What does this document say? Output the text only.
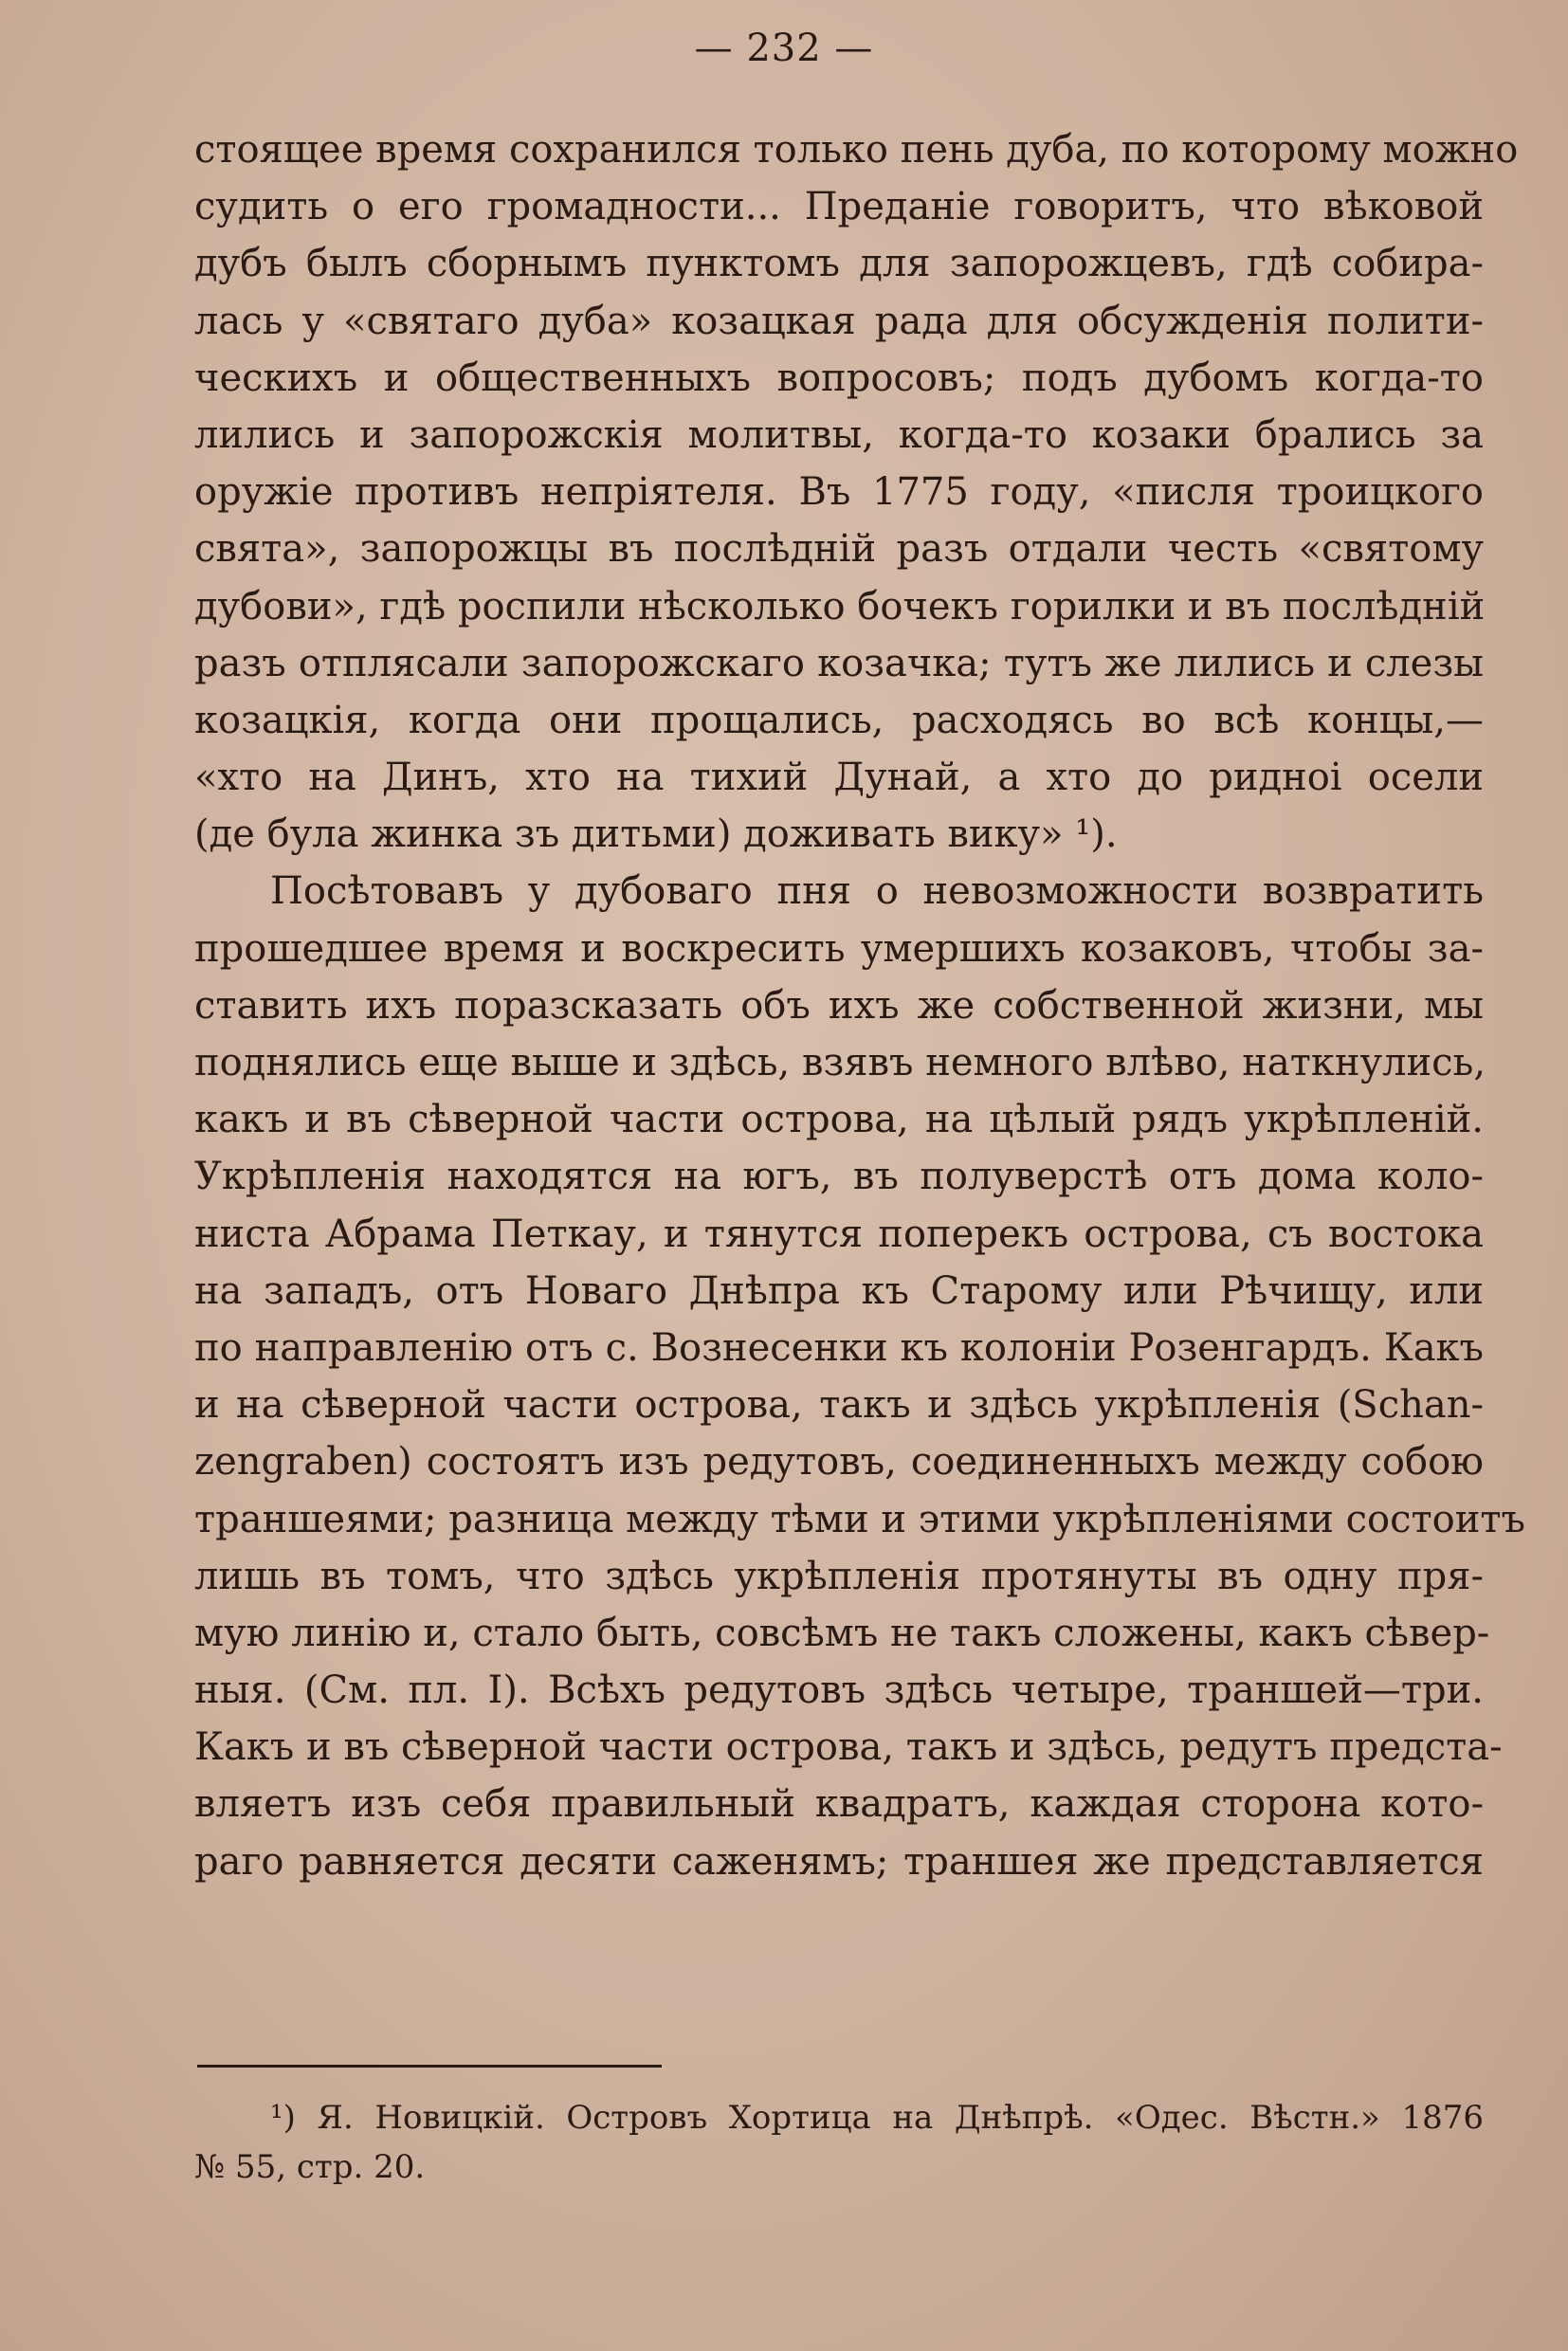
— 232 —
стоящее время сохранился только пень дуба, по которому можно
судить о его громадности... Преданіе говоритъ, что вѣковой
дубъ былъ сборнымъ пунктомъ для запорожцевъ, гдѣ собира-
лась у «святаго дуба» козацкая рада для обсужденія полити-
ческихъ и общественныхъ вопросовъ; подъ дубомъ когда-то
лились и запорожскія молитвы, когда-то козаки брались за
оружіе противъ непріятеля. Въ 1775 году, «писля троицкого
свята», запорожцы въ послѣдній разъ отдали честь «святому
дубови», гдѣ роспили нѣсколько бочекъ горилки и въ послѣдній
разъ отплясали запорожскаго козачка; тутъ же лились и слезы
козацкія, когда они прощались, расходясь во всѣ концы,—
«хто на Динъ, хто на тихий Дунай, а хто до ридноi осели
(де була жинка зъ дитьми) доживать вику» ¹).
Посѣтовавъ у дубоваго пня о невозможности возвратить
прошедшее время и воскресить умершихъ козаковъ, чтобы за-
ставить ихъ поразсказать объ ихъ же собственной жизни, мы
поднялись еще выше и здѣсь, взявъ немного влѣво, наткнулись,
какъ и въ сѣверной части острова, на цѣлый рядъ укрѣпленій.
Укрѣпленія находятся на югъ, въ полуверстѣ отъ дома коло-
ниста Абрама Петкау, и тянутся поперекъ острова, съ востока
на западъ, отъ Новаго Днѣпра къ Старому или Рѣчищу, или
по направленію отъ с. Вознесенки къ колоніи Розенгардъ. Какъ
и на сѣверной части острова, такъ и здѣсь укрѣпленія (Schan-
zengraben) состоятъ изъ редутовъ, соединенныхъ между собою
траншеями; разница между тѣми и этими укрѣпленіями состоитъ
лишь въ томъ, что здѣсь укрѣпленія протянуты въ одну пря-
мую линію и, стало быть, совсѣмъ не такъ сложены, какъ сѣвер-
ныя. (См. пл. I). Всѣхъ редутовъ здѣсь четыре, траншей—три.
Какъ и въ сѣверной части острова, такъ и здѣсь, редутъ предста-
вляетъ изъ себя правильный квадратъ, каждая сторона кото-
раго равняется десяти саженямъ; траншея же представляется
¹) Я. Новицкій. Островъ Хортица на Днѣпрѣ. «Одес. Вѣстн.» 1876
№ 55, стр. 20.
